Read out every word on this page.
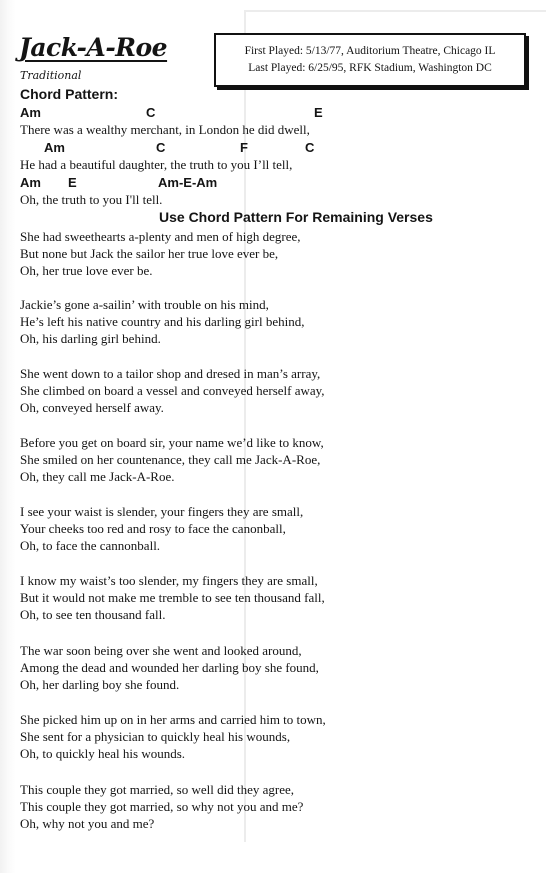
Jack-A-Roe
Traditional
First Played: 5/13/77, Auditorium Theatre, Chicago IL
Last Played: 6/25/95, RFK Stadium, Washington DC
Chord Pattern:
Am	C	E
There was a wealthy merchant, in London he did dwell,
Am	C	F	C
He had a beautiful daughter, the truth to you I’ll tell,
Am E	Am-E-Am
Oh, the truth to you I'll tell.
Use Chord Pattern For Remaining Verses
She had sweethearts a-plenty and men of high degree,
But none but Jack the sailor her true love ever be,
Oh, her true love ever be.
Jackie’s gone a-sailin’ with trouble on his mind,
He’s left his native country and his darling girl behind,
Oh, his darling girl behind.
She went down to a tailor shop and dresed in man’s array,
She climbed on board a vessel and conveyed herself away,
Oh, conveyed herself away.
Before you get on board sir, your name we’d like to know,
She smiled on her countenance, they call me Jack-A-Roe,
Oh, they call me Jack-A-Roe.
I see your waist is slender, your fingers they are small,
Your cheeks too red and rosy to face the canonball,
Oh, to face the cannonball.
I know my waist’s too slender, my fingers they are small,
But it would not make me tremble to see ten thousand fall,
Oh, to see ten thousand fall.
The war soon being over she went and looked around,
Among the dead and wounded her darling boy she found,
Oh, her darling boy she found.
She picked him up on in her arms and carried him to town,
She sent for a physician to quickly heal his wounds,
Oh, to quickly heal his wounds.
This couple they got married, so well did they agree,
This couple they got married, so why not you and me?
Oh, why not you and me?
